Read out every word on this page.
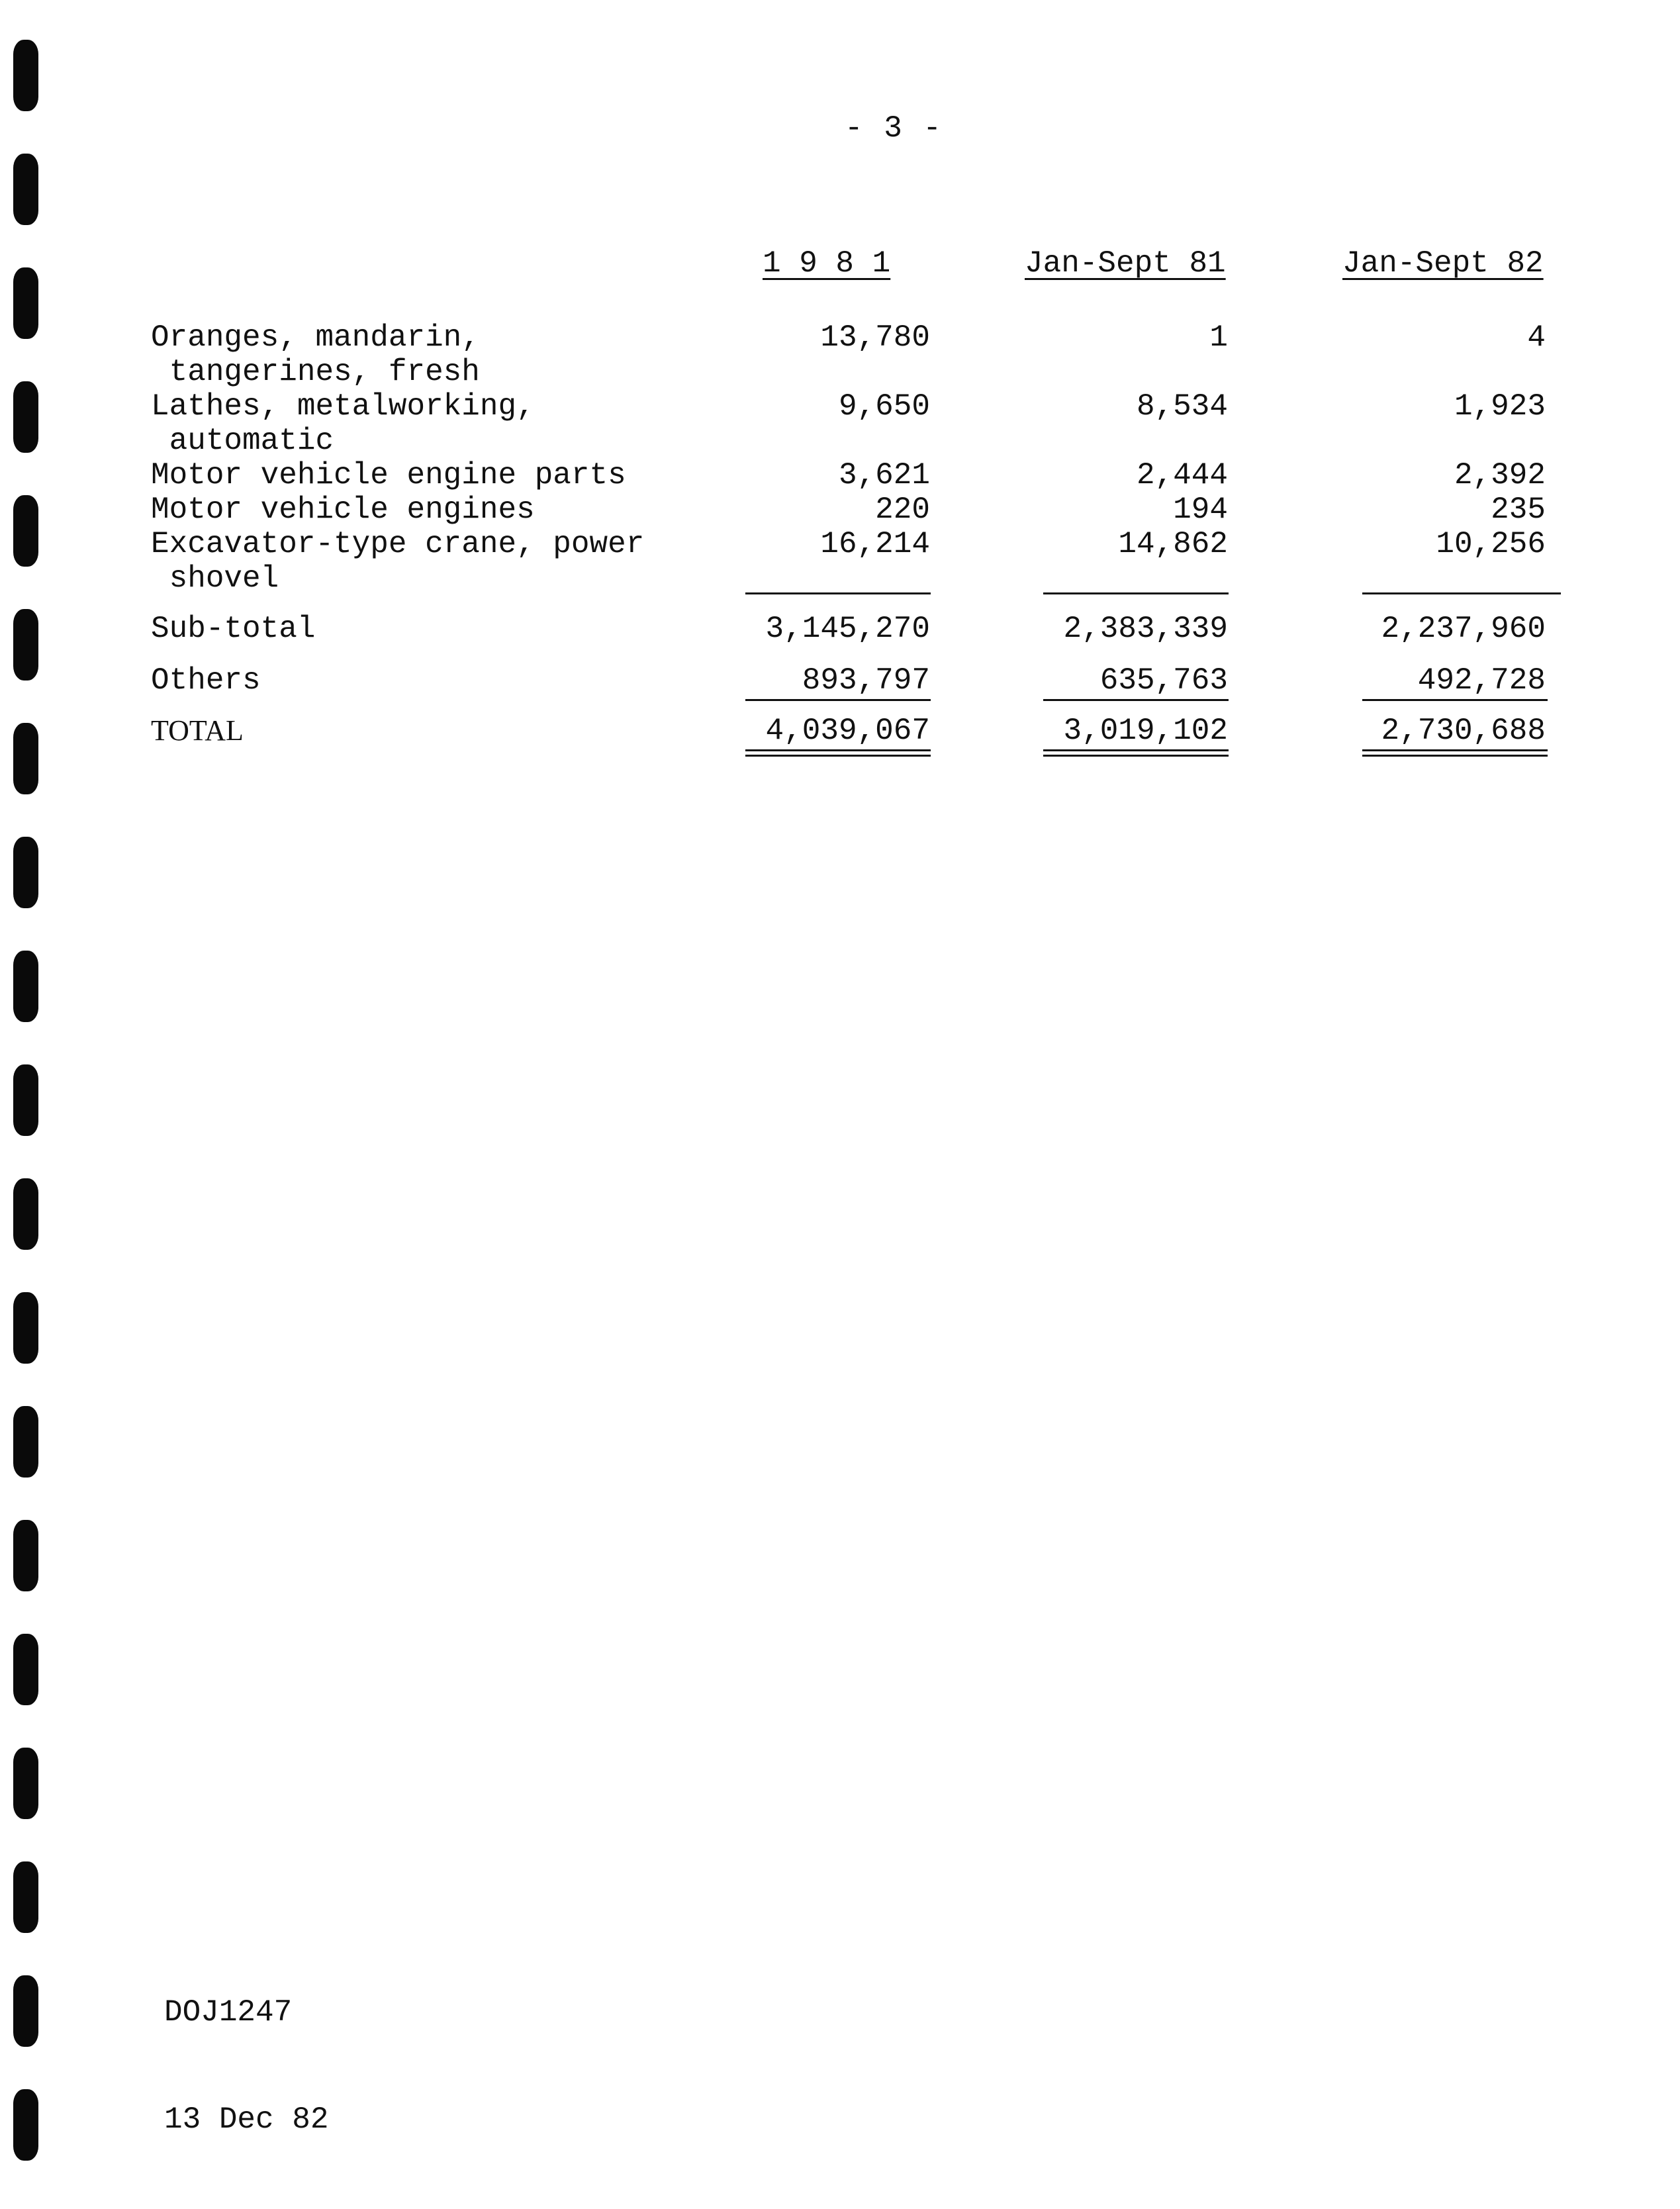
- 3 -
1 9 8 1	Jan-Sept 81	Jan-Sept 82
Oranges, mandarin,
tangerines, fresh
13,780	1	4
Lathes, metalworking,
automatic
9,650	8,534	1,923
Motor vehicle engine parts	3,621	2,444	2,392
Motor vehicle engines	220	194	235
Excavator-type crane, power
shovel
16,214	14,862	10,256
Sub-total	3,145,270	2,383,339	2,237,960
Others	893,797	635,763	492,728
TOTAL	4,039,067	3,019,102	2,730,688

DOJ1247

13 Dec 82
